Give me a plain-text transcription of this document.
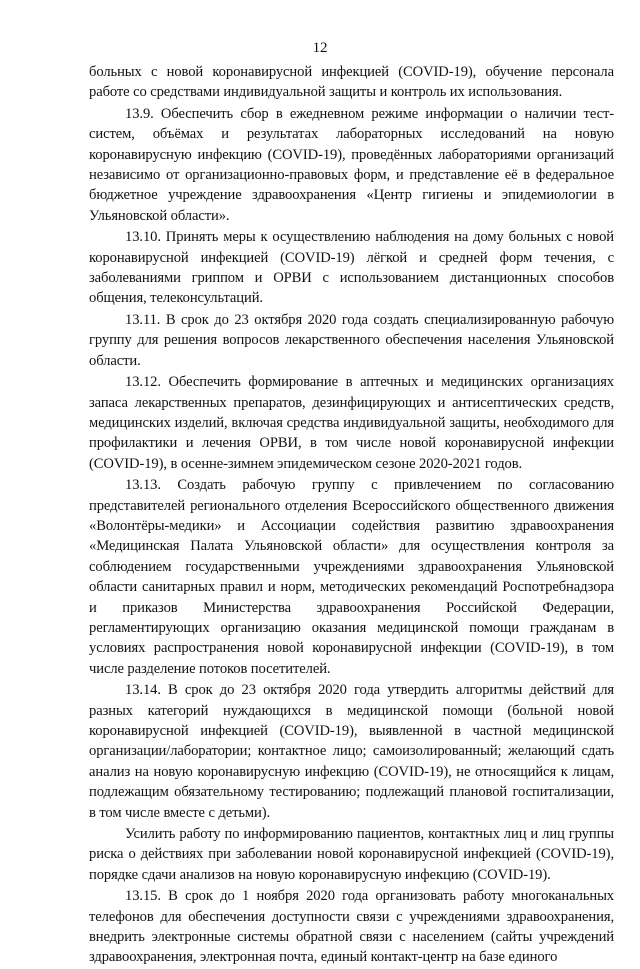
12

больных с новой коронавирусной инфекцией (COVID-19), обучение персонала работе со средствами индивидуальной защиты и контроль их использования.

13.9. Обеспечить сбор в ежедневном режиме информации о наличии тест-систем, объёмах и результатах лабораторных исследований на новую коронавирусную инфекцию (COVID-19), проведённых лабораториями организаций независимо от организационно-правовых форм, и представление её в федеральное бюджетное учреждение здравоохранения «Центр гигиены и эпидемиологии в Ульяновской области».

13.10. Принять меры к осуществлению наблюдения на дому больных с новой коронавирусной инфекцией (COVID-19) лёгкой и средней форм течения, с заболеваниями гриппом и ОРВИ с использованием дистанционных способов общения, телеконсультаций.

13.11. В срок до 23 октября 2020 года создать специализированную рабочую группу для решения вопросов лекарственного обеспечения населения Ульяновской области.

13.12. Обеспечить формирование в аптечных и медицинских организациях запаса лекарственных препаратов, дезинфицирующих и антисептических средств, медицинских изделий, включая средства индивидуальной защиты, необходимого для профилактики и лечения ОРВИ, в том числе новой коронавирусной инфекции (COVID-19), в осенне-зимнем эпидемическом сезоне 2020-2021 годов.

13.13. Создать рабочую группу с привлечением по согласованию представителей регионального отделения Всероссийского общественного движения «Волонтёры-медики» и Ассоциации содействия развитию здравоохранения «Медицинская Палата Ульяновской области» для осуществления контроля за соблюдением государственными учреждениями здравоохранения Ульяновской области санитарных правил и норм, методических рекомендаций Роспотребнадзора и приказов Министерства здравоохранения Российской Федерации, регламентирующих организацию оказания медицинской помощи гражданам в условиях распространения новой коронавирусной инфекции (COVID-19), в том числе разделение потоков посетителей.

13.14. В срок до 23 октября 2020 года утвердить алгоритмы действий для разных категорий нуждающихся в медицинской помощи (больной новой коронавирусной инфекцией (COVID-19), выявленной в частной медицинской организации/лаборатории; контактное лицо; самоизолированный; желающий сдать анализ на новую коронавирусную инфекцию (COVID-19), не относящийся к лицам, подлежащим обязательному тестированию; подлежащий плановой госпитализации, в том числе вместе с детьми).

Усилить работу по информированию пациентов, контактных лиц и лиц группы риска о действиях при заболевании новой коронавирусной инфекцией (COVID-19), порядке сдачи анализов на новую коронавирусную инфекцию (COVID-19).

13.15. В срок до 1 ноября 2020 года организовать работу многоканальных телефонов для обеспечения доступности связи с учреждениями здравоохранения, внедрить электронные системы обратной связи с населением (сайты учреждений здравоохранения, электронная почта, единый контакт-центр на базе единого
